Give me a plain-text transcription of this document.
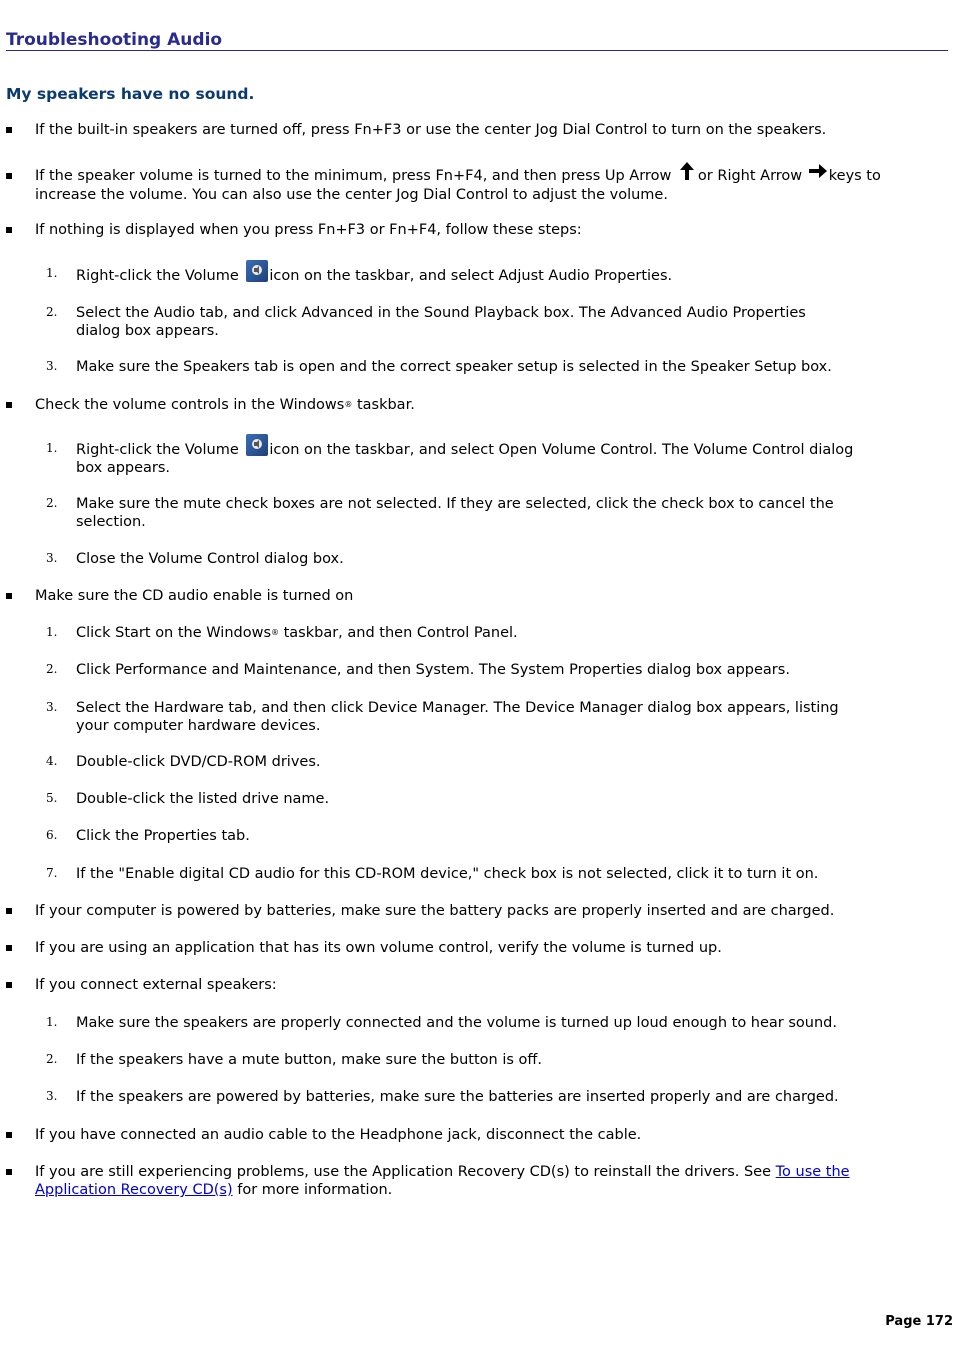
Troubleshooting Audio
My speakers have no sound.
If the built-in speakers are turned off, press Fn+F3 or use the center Jog Dial Control to turn on the speakers.
If the speaker volume is turned to the minimum, press Fn+F4, and then press Up Arrow or Right Arrow keys to
increase the volume. You can also use the center Jog Dial Control to adjust the volume.
If nothing is displayed when you press Fn+F3 or Fn+F4, follow these steps:
1. Right-click the Volume icon on the taskbar, and select Adjust Audio Properties.
2. Select the Audio tab, and click Advanced in the Sound Playback box. The Advanced Audio Properties
dialog box appears.
3. Make sure the Speakers tab is open and the correct speaker setup is selected in the Speaker Setup box.
Check the volume controls in the Windows® taskbar.
1. Right-click the Volume icon on the taskbar, and select Open Volume Control. The Volume Control dialog
box appears.
2. Make sure the mute check boxes are not selected. If they are selected, click the check box to cancel the
selection.
3. Close the Volume Control dialog box.
Make sure the CD audio enable is turned on
1. Click Start on the Windows® taskbar, and then Control Panel.
2. Click Performance and Maintenance, and then System. The System Properties dialog box appears.
3. Select the Hardware tab, and then click Device Manager. The Device Manager dialog box appears, listing
your computer hardware devices.
4. Double-click DVD/CD-ROM drives.
5. Double-click the listed drive name.
6. Click the Properties tab.
7. If the "Enable digital CD audio for this CD-ROM device," check box is not selected, click it to turn it on.
If your computer is powered by batteries, make sure the battery packs are properly inserted and are charged.
If you are using an application that has its own volume control, verify the volume is turned up.
If you connect external speakers:
1. Make sure the speakers are properly connected and the volume is turned up loud enough to hear sound.
2. If the speakers have a mute button, make sure the button is off.
3. If the speakers are powered by batteries, make sure the batteries are inserted properly and are charged.
If you have connected an audio cable to the Headphone jack, disconnect the cable.
If you are still experiencing problems, use the Application Recovery CD(s) to reinstall the drivers. See To use the
Application Recovery CD(s) for more information.
Page 172
